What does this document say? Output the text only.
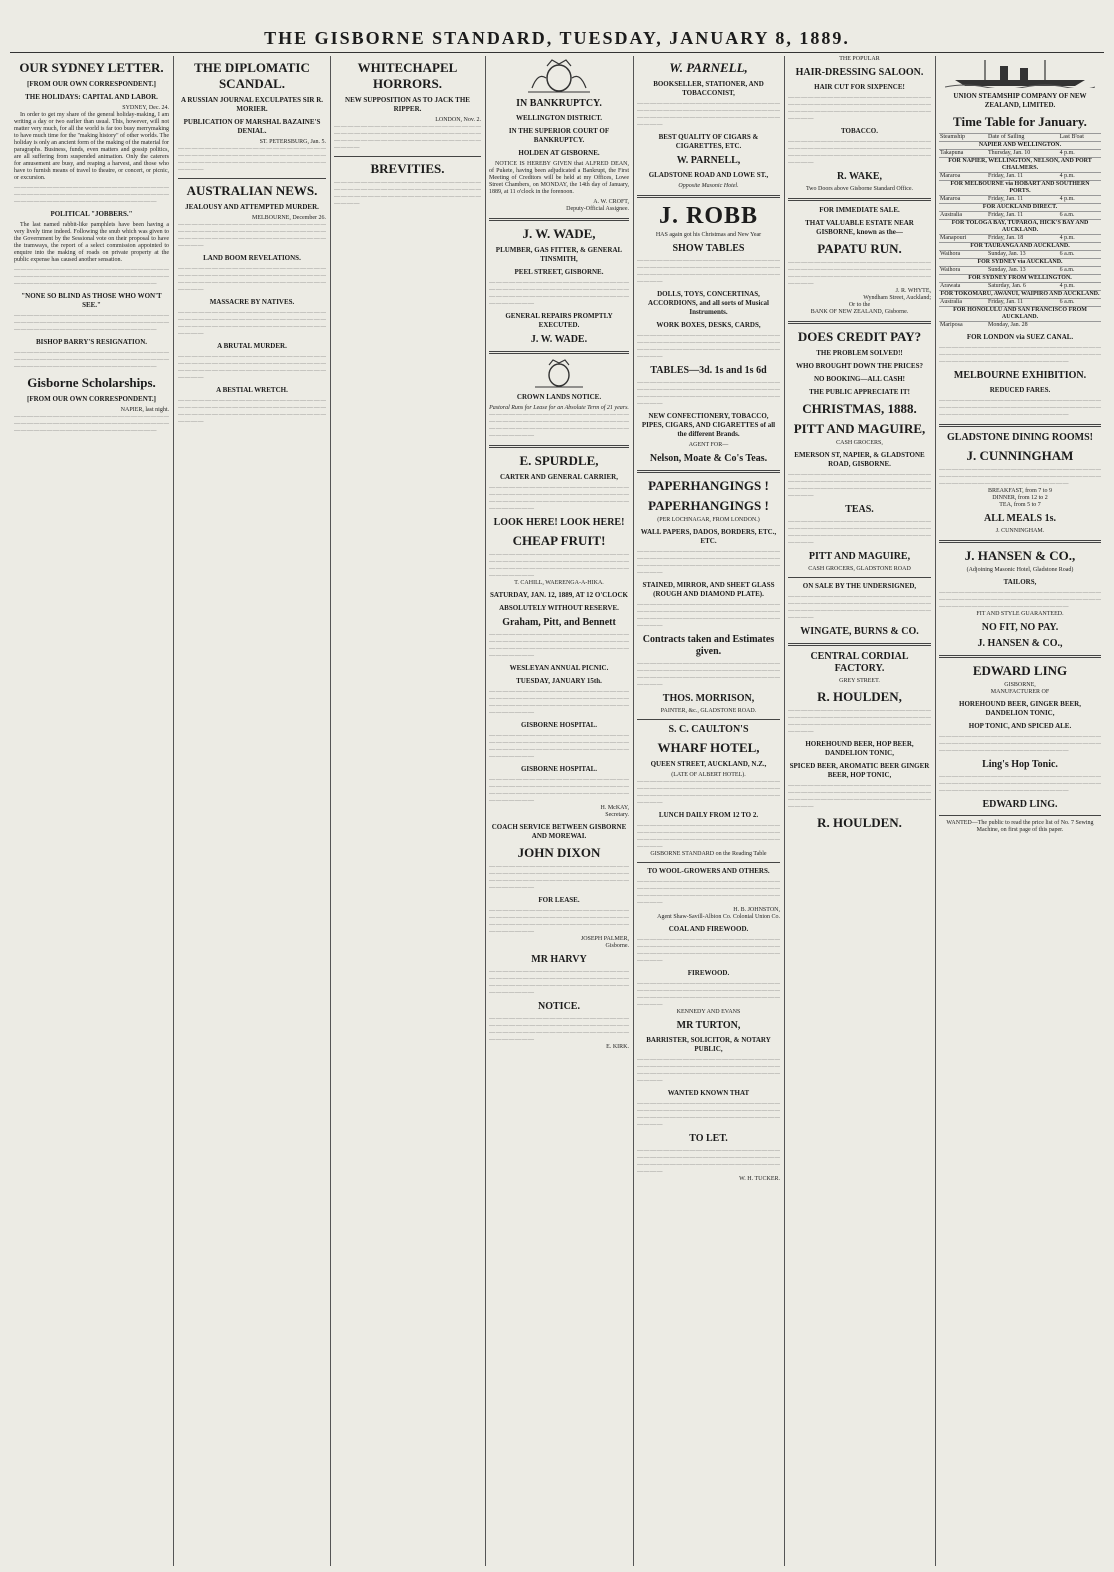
THE GISBORNE STANDARD, TUESDAY, JANUARY 8, 1889.
OUR SYDNEY LETTER.
[FROM OUR OWN CORRESPONDENT.]
THE HOLIDAYS: CAPITAL AND LABOR.
SYDNEY, Dec. 24.

In order to get my share of the general holiday-making, I am writing a day or two earlier than usual. This, however, will not matter very much, for all the world is far too busy merrymaking to have much time for the "making history" of other worlds. The holiday is only an ancient form of the making of the material for paragraphs. Business, funds, even matters and gossip politics, are all suffering from suspended animation. Only the caterers for amusement are busy, and reaping a harvest, and those who have to furnish means of travel to theatre, or concert, or picnic, or excursion.

— — — — — — — — — — — — — — — — — — — — — — — — — — — — — — — — — — — — — — — — — — — — — — — — — — — — — — — — — — — — — — — — — — — — — —
POLITICAL "JOBBERS."

The last named rabbit-like pamphlets have been having a very lively time indeed. Following the snub which was given to the Government by the Sessional vote on their proposal to have the tramways, the report of a select commission appointed to enquire into the making of roads on private property at the public expense has caused another sensation.

— — — — — — — — — — — — — — — — — — — — — — — — — — — — — — — — — — — — — — — — — — — — — — — — — — — — — — — — — — — — — — — — — — — — — —
"NONE SO BLIND AS THOSE WHO WON'T SEE."
— — — — — — — — — — — — — — — — — — — — — — — — — — — — — — — — — — — — — — — — — — — — — — — — — — — — — — — — — — — — — — — — — — — — — —
BISHOP BARRY'S RESIGNATION.
— — — — — — — — — — — — — — — — — — — — — — — — — — — — — — — — — — — — — — — — — — — — — — — — — — — — — — — — — — — — — — — — — — — — — —
Gisborne Scholarships.
[FROM OUR OWN CORRESPONDENT.]
NAPIER, last night.
— — — — — — — — — — — — — — — — — — — — — — — — — — — — — — — — — — — — — — — — — — — — — — — — — — — — — — — — — — — — — — — — — — — — — —
THE DIPLOMATIC SCANDAL.
A RUSSIAN JOURNAL EXCULPATES SIR R. MORIER.
PUBLICATION OF MARSHAL BAZAINE'S DENIAL.
ST. PETERSBURG, Jan. 5.
— — — — — — — — — — — — — — — — — — — — — — — — — — — — — — — — — — — — — — — — — — — — — — — — — — — — — — — — — — — — — — — — — — — — — —
AUSTRALIAN NEWS.
JEALOUSY AND ATTEMPTED MURDER.
MELBOURNE, December 26.
— — — — — — — — — — — — — — — — — — — — — — — — — — — — — — — — — — — — — — — — — — — — — — — — — — — — — — — — — — — — — — — — — — — — — —
LAND BOOM REVELATIONS.
— — — — — — — — — — — — — — — — — — — — — — — — — — — — — — — — — — — — — — — — — — — — — — — — — — — — — — — — — — — — — — — — — — — — — —
MASSACRE BY NATIVES.
— — — — — — — — — — — — — — — — — — — — — — — — — — — — — — — — — — — — — — — — — — — — — — — — — — — — — — — — — — — — — — — — — — — — — —
A BRUTAL MURDER.
— — — — — — — — — — — — — — — — — — — — — — — — — — — — — — — — — — — — — — — — — — — — — — — — — — — — — — — — — — — — — — — — — — — — — —
A BESTIAL WRETCH.
— — — — — — — — — — — — — — — — — — — — — — — — — — — — — — — — — — — — — — — — — — — — — — — — — — — — — — — — — — — — — — — — — — — — — —
WHITECHAPEL HORRORS.
NEW SUPPOSITION AS TO JACK THE RIPPER.
LONDON, Nov. 2.
— — — — — — — — — — — — — — — — — — — — — — — — — — — — — — — — — — — — — — — — — — — — — — — — — — — — — — — — — — — — — — — — — — — — — —
BREVITIES.
— — — — — — — — — — — — — — — — — — — — — — — — — — — — — — — — — — — — — — — — — — — — — — — — — — — — — — — — — — — — — — — — — — — — — —
IN BANKRUPTCY.
WELLINGTON DISTRICT.
IN THE SUPERIOR COURT OF BANKRUPTCY.
HOLDEN AT GISBORNE.

NOTICE IS HEREBY GIVEN that ALFRED DEAN, of Pukete, having been adjudicated a Bankrupt, the First Meeting of Creditors will be held at my Offices, Lowe Street Chambers, on MONDAY, the 14th day of January, 1889, at 11 o'clock in the forenoon.

A. W. CROFT,
Deputy-Official Assignee.
J. W. WADE,
PLUMBER, GAS FITTER, & GENERAL TINSMITH,
PEEL STREET, GISBORNE.
— — — — — — — — — — — — — — — — — — — — — — — — — — — — — — — — — — — — — — — — — — — — — — — — — — — — — — — — — — — — — — — — — — — — — —
GENERAL REPAIRS PROMPTLY EXECUTED.
J. W. WADE.
CROWN LANDS NOTICE.
Pastoral Runs for Lease for an Absolute Term of 21 years.
— — — — — — — — — — — — — — — — — — — — — — — — — — — — — — — — — — — — — — — — — — — — — — — — — — — — — — — — — — — — — — — — — — — — — —
E. SPURDLE,
CARTER AND GENERAL CARRIER,
— — — — — — — — — — — — — — — — — — — — — — — — — — — — — — — — — — — — — — — — — — — — — — — — — — — — — — — — — — — — — — — — — — — — — —
LOOK HERE! LOOK HERE!
CHEAP FRUIT!
— — — — — — — — — — — — — — — — — — — — — — — — — — — — — — — — — — — — — — — — — — — — — — — — — — — — — — — — — — — — — — — — — — — — — —
T. CAHILL, WAERENGA-A-HIKA.
SATURDAY, JAN. 12, 1889, AT 12 O'CLOCK
ABSOLUTELY WITHOUT RESERVE.
Graham, Pitt, and Bennett
— — — — — — — — — — — — — — — — — — — — — — — — — — — — — — — — — — — — — — — — — — — — — — — — — — — — — — — — — — — — — — — — — — — — — —
WESLEYAN ANNUAL PICNIC.
TUESDAY, JANUARY 15th.
— — — — — — — — — — — — — — — — — — — — — — — — — — — — — — — — — — — — — — — — — — — — — — — — — — — — — — — — — — — — — — — — — — — — — —
GISBORNE HOSPITAL.
— — — — — — — — — — — — — — — — — — — — — — — — — — — — — — — — — — — — — — — — — — — — — — — — — — — — — — — — — — — — — — — — — — — — — —
GISBORNE HOSPITAL.
— — — — — — — — — — — — — — — — — — — — — — — — — — — — — — — — — — — — — — — — — — — — — — — — — — — — — — — — — — — — — — — — — — — — — —
H. McKAY,
Secretary.
COACH SERVICE BETWEEN GISBORNE AND MOREWAI.
JOHN DIXON
— — — — — — — — — — — — — — — — — — — — — — — — — — — — — — — — — — — — — — — — — — — — — — — — — — — — — — — — — — — — — — — — — — — — — —
FOR LEASE.
— — — — — — — — — — — — — — — — — — — — — — — — — — — — — — — — — — — — — — — — — — — — — — — — — — — — — — — — — — — — — — — — — — — — — —
JOSEPH PALMER,
Gisborne.
MR HARVY
— — — — — — — — — — — — — — — — — — — — — — — — — — — — — — — — — — — — — — — — — — — — — — — — — — — — — — — — — — — — — — — — — — — — — —
NOTICE.
— — — — — — — — — — — — — — — — — — — — — — — — — — — — — — — — — — — — — — — — — — — — — — — — — — — — — — — — — — — — — — — — — — — — — —
E. KIRK.
W. PARNELL,
BOOKSELLER, STATIONER, AND TOBACCONIST,
— — — — — — — — — — — — — — — — — — — — — — — — — — — — — — — — — — — — — — — — — — — — — — — — — — — — — — — — — — — — — — — — — — — — — —
BEST QUALITY OF CIGARS & CIGARETTES, ETC.
W. PARNELL,
GLADSTONE ROAD AND LOWE ST.,
Opposite Masonic Hotel.
J. ROBB
HAS again got his Christmas and New Year
SHOW TABLES
— — — — — — — — — — — — — — — — — — — — — — — — — — — — — — — — — — — — — — — — — — — — — — — — — — — — — — — — — — — — — — — — — — — — — —
DOLLS, TOYS, CONCERTINAS, ACCORDIONS, and all sorts of Musical Instruments.
WORK BOXES, DESKS, CARDS,
— — — — — — — — — — — — — — — — — — — — — — — — — — — — — — — — — — — — — — — — — — — — — — — — — — — — — — — — — — — — — — — — — — — — — —
TABLES—3d. 1s and 1s 6d
— — — — — — — — — — — — — — — — — — — — — — — — — — — — — — — — — — — — — — — — — — — — — — — — — — — — — — — — — — — — — — — — — — — — — —
NEW CONFECTIONERY, TOBACCO, PIPES, CIGARS, AND CIGARETTES of all the different Brands.
AGENT FOR—
Nelson, Moate & Co's Teas.
PAPERHANGINGS !
PAPERHANGINGS !
(PER LOCHNAGAR, FROM LONDON.)
WALL PAPERS, DADOS, BORDERS, ETC., ETC.
— — — — — — — — — — — — — — — — — — — — — — — — — — — — — — — — — — — — — — — — — — — — — — — — — — — — — — — — — — — — — — — — — — — — — —
STAINED, MIRROR, AND SHEET GLASS (ROUGH AND DIAMOND PLATE).
— — — — — — — — — — — — — — — — — — — — — — — — — — — — — — — — — — — — — — — — — — — — — — — — — — — — — — — — — — — — — — — — — — — — — —
Contracts taken and Estimates given.
— — — — — — — — — — — — — — — — — — — — — — — — — — — — — — — — — — — — — — — — — — — — — — — — — — — — — — — — — — — — — — — — — — — — — —
THOS. MORRISON,
PAINTER, &c., GLADSTONE ROAD.
S. C. CAULTON'S
WHARF HOTEL,
QUEEN STREET, AUCKLAND, N.Z.,
(LATE OF ALBERT HOTEL).
— — — — — — — — — — — — — — — — — — — — — — — — — — — — — — — — — — — — — — — — — — — — — — — — — — — — — — — — — — — — — — — — — — — — — —
LUNCH DAILY FROM 12 TO 2.
— — — — — — — — — — — — — — — — — — — — — — — — — — — — — — — — — — — — — — — — — — — — — — — — — — — — — — — — — — — — — — — — — — — — — —
GISBORNE STANDARD on the Reading Table
TO WOOL-GROWERS AND OTHERS.
— — — — — — — — — — — — — — — — — — — — — — — — — — — — — — — — — — — — — — — — — — — — — — — — — — — — — — — — — — — — — — — — — — — — — —
H. B. JOHNSTON,
Agent Shaw-Savill-Albion Co. Colonial Union Co.
COAL AND FIREWOOD.
— — — — — — — — — — — — — — — — — — — — — — — — — — — — — — — — — — — — — — — — — — — — — — — — — — — — — — — — — — — — — — — — — — — — — —
FIREWOOD.
— — — — — — — — — — — — — — — — — — — — — — — — — — — — — — — — — — — — — — — — — — — — — — — — — — — — — — — — — — — — — — — — — — — — — —
KENNEDY AND EVANS
MR TURTON,
BARRISTER, SOLICITOR, & NOTARY PUBLIC,
— — — — — — — — — — — — — — — — — — — — — — — — — — — — — — — — — — — — — — — — — — — — — — — — — — — — — — — — — — — — — — — — — — — — — —
WANTED KNOWN THAT
— — — — — — — — — — — — — — — — — — — — — — — — — — — — — — — — — — — — — — — — — — — — — — — — — — — — — — — — — — — — — — — — — — — — — —
TO LET.
— — — — — — — — — — — — — — — — — — — — — — — — — — — — — — — — — — — — — — — — — — — — — — — — — — — — — — — — — — — — — — — — — — — — — —
W. H. TUCKER.
THE POPULAR
HAIR-DRESSING SALOON.
HAIR CUT FOR SIXPENCE!
— — — — — — — — — — — — — — — — — — — — — — — — — — — — — — — — — — — — — — — — — — — — — — — — — — — — — — — — — — — — — — — — — — — — — —
TOBACCO.
— — — — — — — — — — — — — — — — — — — — — — — — — — — — — — — — — — — — — — — — — — — — — — — — — — — — — — — — — — — — — — — — — — — — — —
R. WAKE,
Two Doors above Gisborne Standard Office.
FOR IMMEDIATE SALE.
THAT VALUABLE ESTATE NEAR GISBORNE, known as the—
PAPATU RUN.
— — — — — — — — — — — — — — — — — — — — — — — — — — — — — — — — — — — — — — — — — — — — — — — — — — — — — — — — — — — — — — — — — — — — — —
J. R. WHYTE,
Wyndham Street, Auckland;
Or to the
BANK OF NEW ZEALAND, Gisborne.
DOES CREDIT PAY?
THE PROBLEM SOLVED!!
WHO BROUGHT DOWN THE PRICES?
NO BOOKING—ALL CASH!
THE PUBLIC APPRECIATE IT!
CHRISTMAS, 1888.
PITT AND MAGUIRE,
CASH GROCERS,
EMERSON ST, NAPIER, & GLADSTONE ROAD, GISBORNE.
— — — — — — — — — — — — — — — — — — — — — — — — — — — — — — — — — — — — — — — — — — — — — — — — — — — — — — — — — — — — — — — — — — — — — —
TEAS.
— — — — — — — — — — — — — — — — — — — — — — — — — — — — — — — — — — — — — — — — — — — — — — — — — — — — — — — — — — — — — — — — — — — — — —
PITT AND MAGUIRE,
CASH GROCERS, GLADSTONE ROAD
ON SALE BY THE UNDERSIGNED,
— — — — — — — — — — — — — — — — — — — — — — — — — — — — — — — — — — — — — — — — — — — — — — — — — — — — — — — — — — — — — — — — — — — — — —
WINGATE, BURNS & CO.
CENTRAL CORDIAL FACTORY.
GREY STREET.
R. HOULDEN,
— — — — — — — — — — — — — — — — — — — — — — — — — — — — — — — — — — — — — — — — — — — — — — — — — — — — — — — — — — — — — — — — — — — — — —
HOREHOUND BEER, HOP BEER, DANDELION TONIC,
SPICED BEER, AROMATIC BEER GINGER BEER, HOP TONIC,
— — — — — — — — — — — — — — — — — — — — — — — — — — — — — — — — — — — — — — — — — — — — — — — — — — — — — — — — — — — — — — — — — — — — — —
R. HOULDEN.
UNION STEAMSHIP COMPANY OF NEW ZEALAND, LIMITED.
Time Table for January.
Steamship	Date of Sailing	Last B'oat
NAPIER AND WELLINGTON.		
Takapuna	Thursday, Jan. 10	4 p.m.
FOR NAPIER, WELLINGTON, NELSON, AND PORT CHALMERS.		
Mararoa	Friday, Jan. 11	4 p.m.
FOR MELBOURNE via HOBART AND SOUTHERN PORTS.		
Mararoa	Friday, Jan. 11	4 p.m.
FOR AUCKLAND DIRECT.		
Australia	Friday, Jan. 11	6 a.m.
FOR TOLOGA BAY, TUPAROA, HICK'S BAY AND AUCKLAND.		
Manapouri	Friday, Jan. 18	4 p.m.
FOR TAURANGA AND AUCKLAND.		
Waihora	Sunday, Jan. 13	6 a.m.
FOR SYDNEY via AUCKLAND.		
Waihora	Sunday, Jan. 13	6 a.m.
FOR SYDNEY FROM WELLINGTON.		
Arawata	Saturday, Jan. 6	4 p.m.
FOR TOKOMARU, AWANUI, WAIPIRO AND AUCKLAND.		
Australia	Friday, Jan. 11	6 a.m.
FOR HONOLULU AND SAN FRANCISCO FROM AUCKLAND.		
Mariposa	Monday, Jan. 28	
FOR LONDON via SUEZ CANAL.
— — — — — — — — — — — — — — — — — — — — — — — — — — — — — — — — — — — — — — — — — — — — — — — — — — — — — — — — — — — — — — — — — — — — — —
MELBOURNE EXHIBITION.
REDUCED FARES.
— — — — — — — — — — — — — — — — — — — — — — — — — — — — — — — — — — — — — — — — — — — — — — — — — — — — — — — — — — — — — — — — — — — — — —
GLADSTONE DINING ROOMS!
J. CUNNINGHAM
— — — — — — — — — — — — — — — — — — — — — — — — — — — — — — — — — — — — — — — — — — — — — — — — — — — — — — — — — — — — — — — — — — — — — —
BREAKFAST, from 7 to 9
DINNER, from 12 to 2
TEA, from 5 to 7
ALL MEALS 1s.
J. CUNNINGHAM.
J. HANSEN & CO.,
(Adjoining Masonic Hotel, Gladstone Road)
TAILORS,
— — — — — — — — — — — — — — — — — — — — — — — — — — — — — — — — — — — — — — — — — — — — — — — — — — — — — — — — — — — — — — — — — — — — — —
FIT AND STYLE GUARANTEED.
NO FIT, NO PAY.
J. HANSEN & CO.,
EDWARD LING
GISBORNE,
MANUFACTURER OF
HOREHOUND BEER, GINGER BEER, DANDELION TONIC,
HOP TONIC, AND SPICED ALE.
— — — — — — — — — — — — — — — — — — — — — — — — — — — — — — — — — — — — — — — — — — — — — — — — — — — — — — — — — — — — — — — — — — — — — —
Ling's Hop Tonic.
— — — — — — — — — — — — — — — — — — — — — — — — — — — — — — — — — — — — — — — — — — — — — — — — — — — — — — — — — — — — — — — — — — — — — —
EDWARD LING.
WANTED—The public to read the price list of No. 7 Sewing Machine, on first page of this paper.
